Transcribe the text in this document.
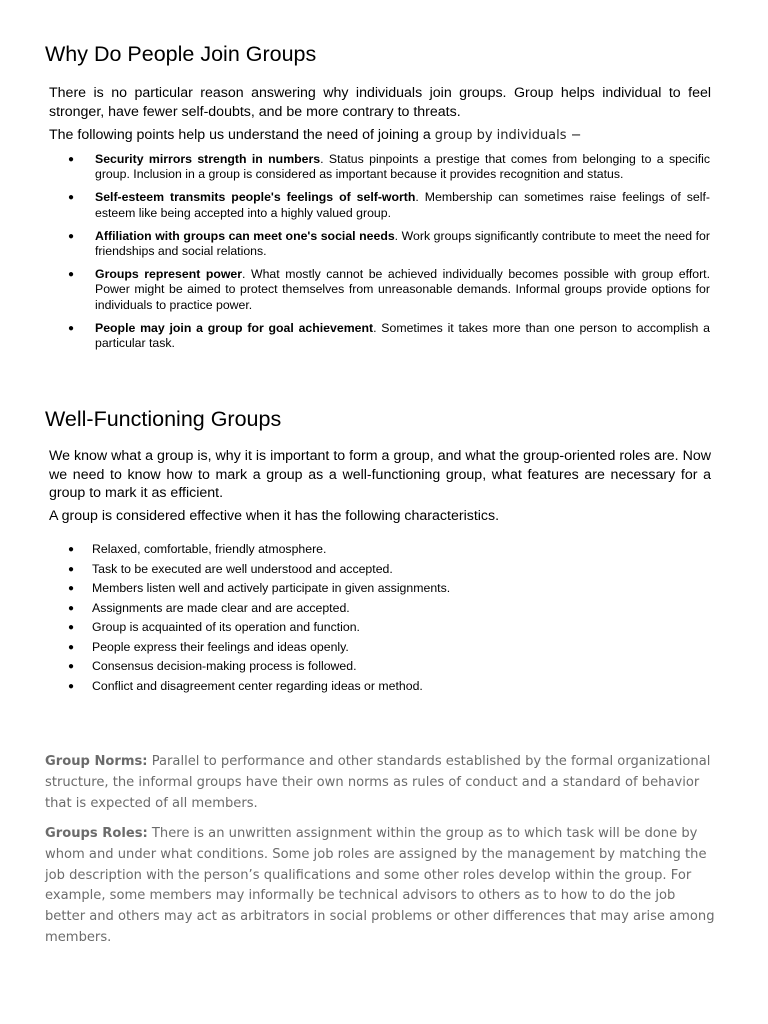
Why Do People Join Groups

There is no particular reason answering why individuals join groups. Group helps individual to feel stronger, have fewer self-doubts, and be more contrary to threats.

The following points help us understand the need of joining a group by individuals −

●	Security mirrors strength in numbers. Status pinpoints a prestige that comes from belonging to a specific group. Inclusion in a group is considered as important because it provides recognition and status.
●	Self-esteem transmits people's feelings of self-worth. Membership can sometimes raise feelings of self-esteem like being accepted into a highly valued group.
●	Affiliation with groups can meet one's social needs. Work groups significantly contribute to meet the need for friendships and social relations.
●	Groups represent power. What mostly cannot be achieved individually becomes possible with group effort. Power might be aimed to protect themselves from unreasonable demands. Informal groups provide options for individuals to practice power.
●	People may join a group for goal achievement. Sometimes it takes more than one person to accomplish a particular task.
Well-Functioning Groups

We know what a group is, why it is important to form a group, and what the group-oriented roles are. Now we need to know how to mark a group as a well-functioning group, what features are necessary for a group to mark it as efficient.

A group is considered effective when it has the following characteristics.

● Relaxed, comfortable, friendly atmosphere.
● Task to be executed are well understood and accepted.
● Members listen well and actively participate in given assignments.
● Assignments are made clear and are accepted.
● Group is acquainted of its operation and function.
● People express their feelings and ideas openly.
● Consensus decision-making process is followed.
● Conflict and disagreement center regarding ideas or method.

Group Norms: Parallel to performance and other standards established by the formal organizational structure, the informal groups have their own norms as rules of conduct and a standard of behavior that is expected of all members.

Groups Roles: There is an unwritten assignment within the group as to which task will be done by whom and under what conditions. Some job roles are assigned by the management by matching the job description with the person’s qualifications and some other roles develop within the group. For example, some members may informally be technical advisors to others as to how to do the job better and others may act as arbitrators in social problems or other differences that may arise among members.
